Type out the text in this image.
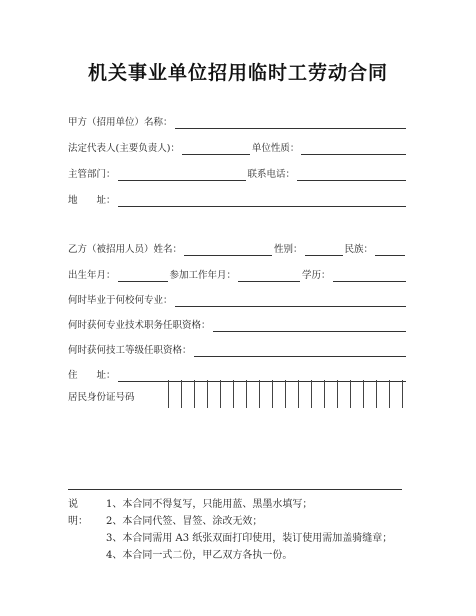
机关事业单位招用临时工劳动合同
甲方（招用单位）名称：
法定代表人(主要负责人)：	单位性质：
主管部门：	联系电话：
地　　址：
乙方（被招用人员）姓名：	性别：	民族：
出生年月：	参加工作年月：	学历：
何时毕业于何校何专业：
何时获何专业技术职务任职资格：
何时获何技工等级任职资格：
住　　址：
居民身份证号码
说明：
1、本合同不得复写，只能用蓝、黑墨水填写；
2、本合同代签、冒签、涂改无效；
3、本合同需用 A3 纸张双面打印使用，装订使用需加盖骑缝章；
4、本合同一式二份，甲乙双方各执一份。
